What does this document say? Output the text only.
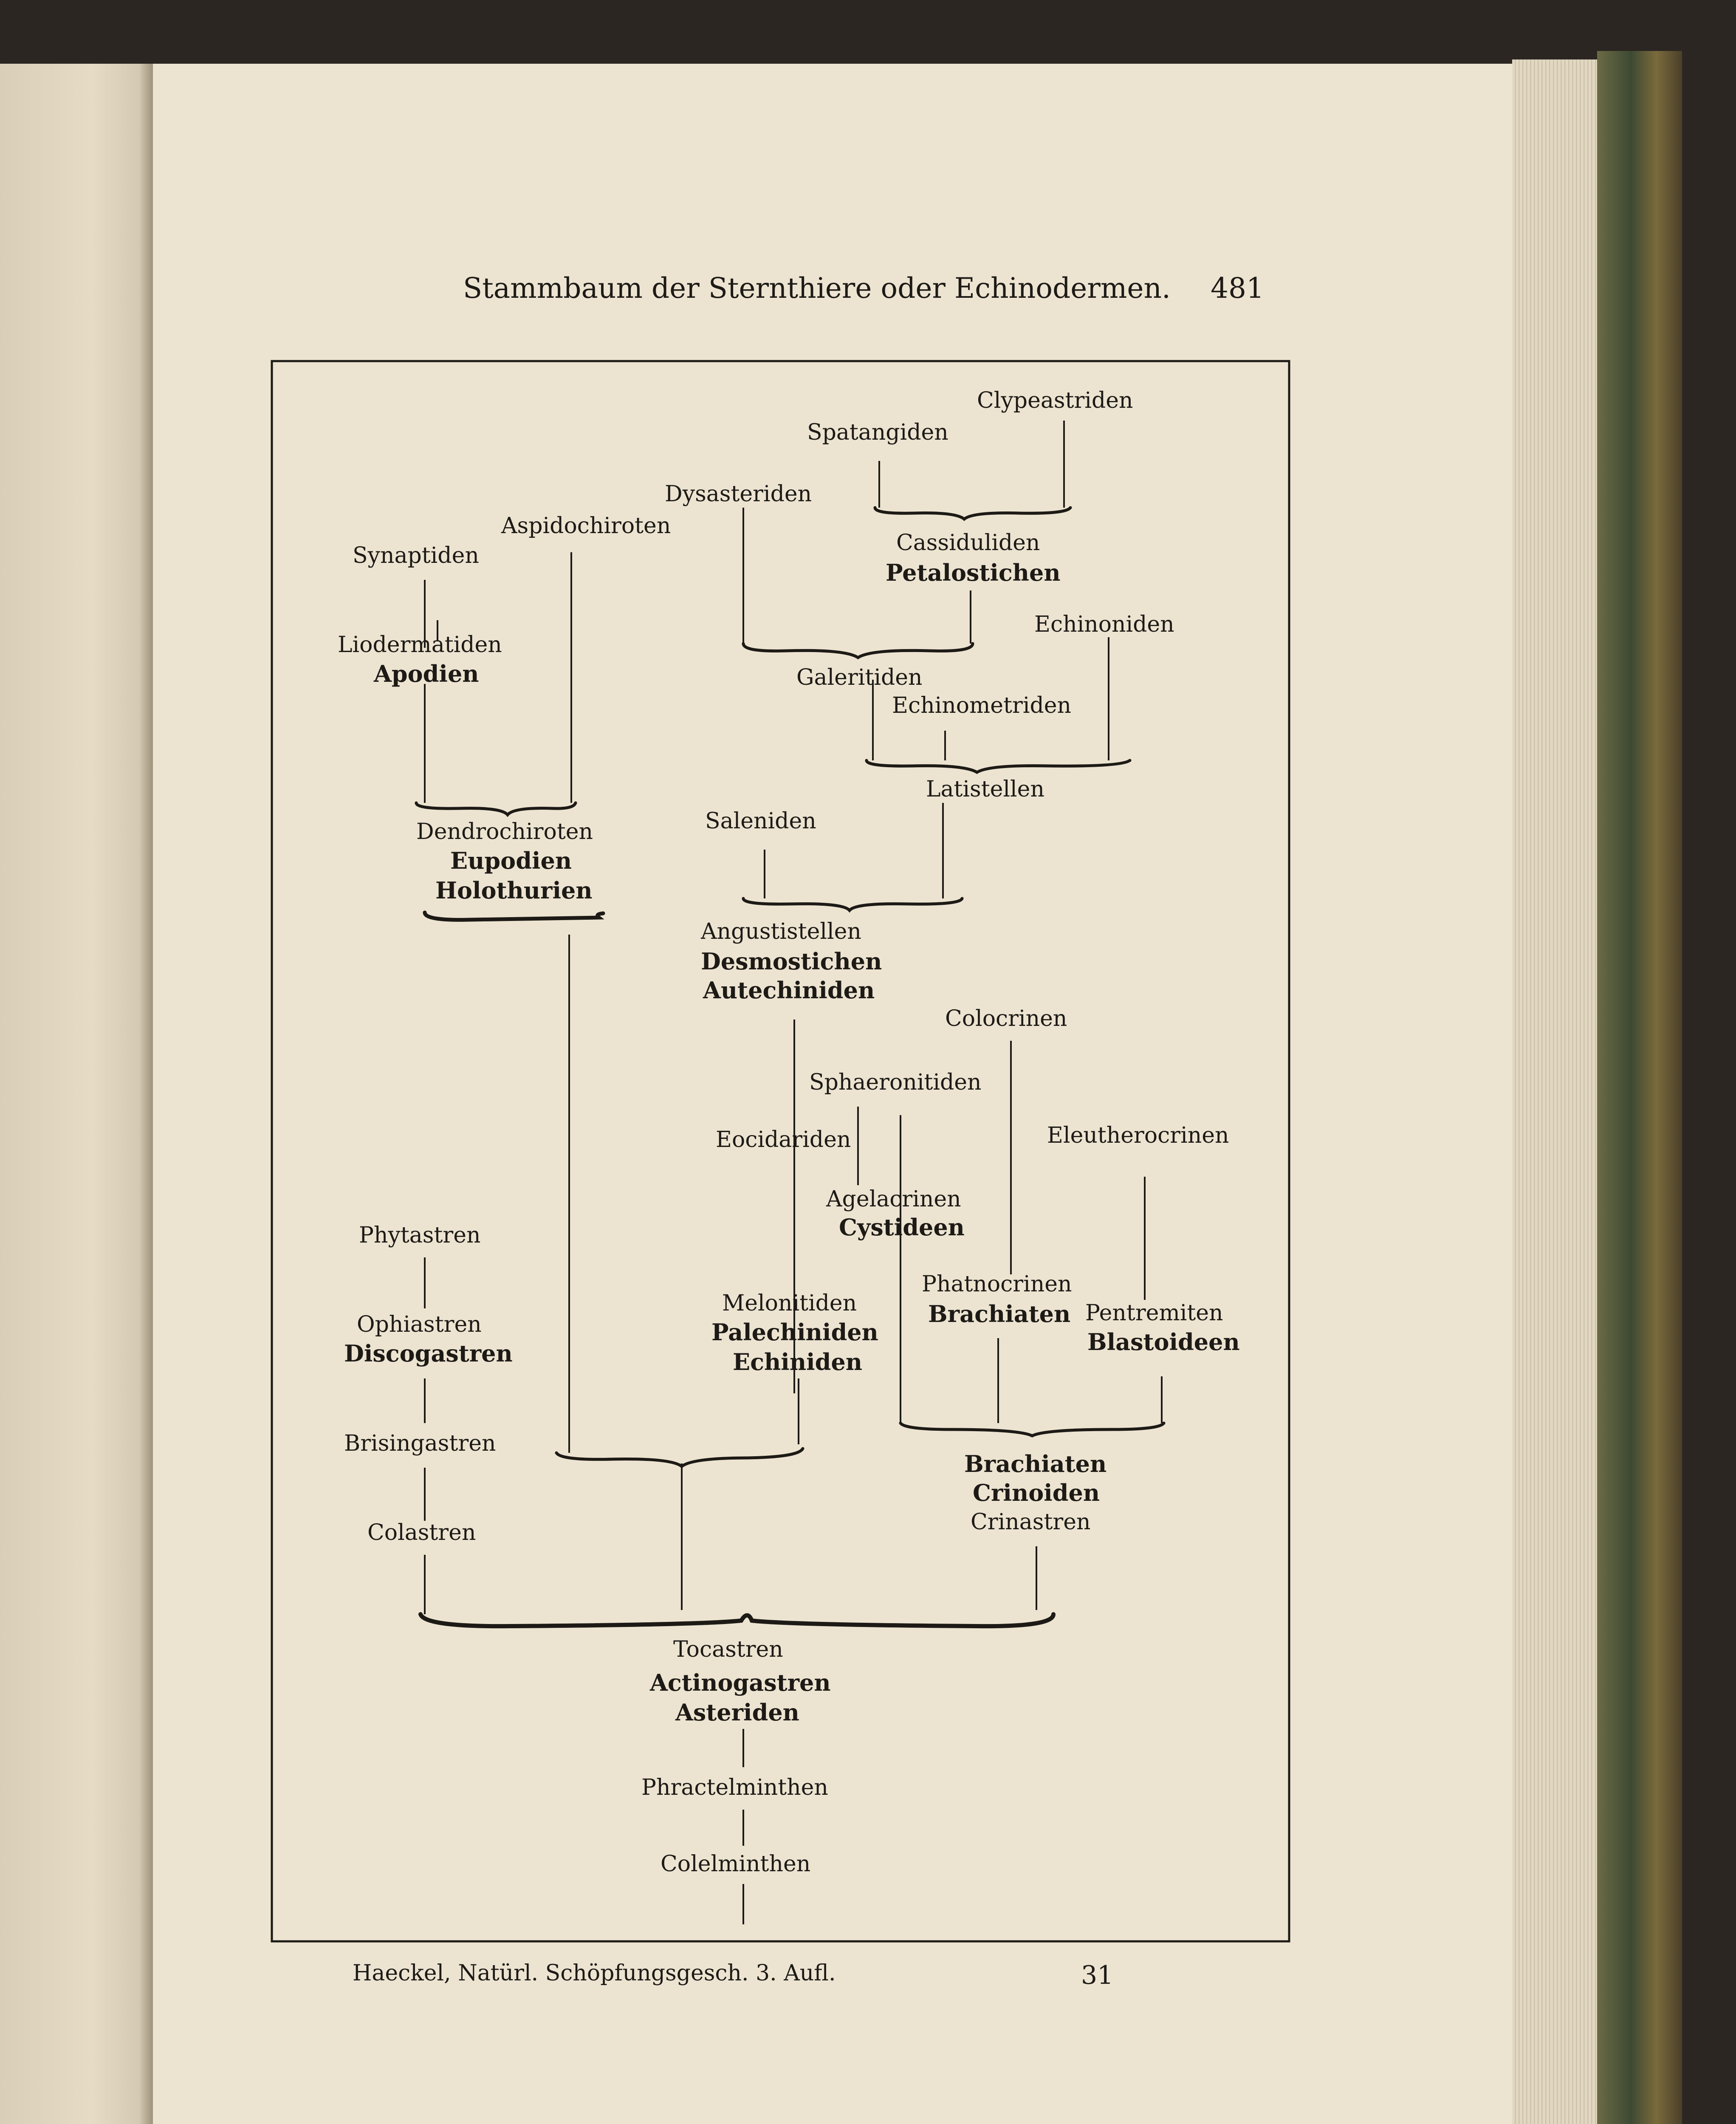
Stammbaum der Sternthiere oder Echinodermen. 481
Clypeastriden
Spatangiden
Dysasteriden
Aspidochiroten
Synaptiden	Cassiduliden
Petalostichen
Echinoniden
Liodermatiden
Apodien	Galeritiden
Echinometriden
Latistellen
Dendrochiroten
Eupodien
Holothurien
Saleniden
Angustistellen
Desmostichen
Autechiniden
Colocrinen
Sphaeronitiden
Eocidariden	Eleutherocrinen
Agelacrinen
Cystideen
Phytastren
Phatnocrinen
Melonitiden	Brachiaten Pentremiten
Ophiastren	Palechiniden	Blastoideen
Discogastren	Echiniden
Brisingastren
Brachiaten
Crinoiden
Crinastren
Colastren
Tocastren
Actinogastren
Asteriden
Phractelminthen
Colelminthen
Haeckel, Natürl. Schöpfungsgesch. 3. Aufl.	31
